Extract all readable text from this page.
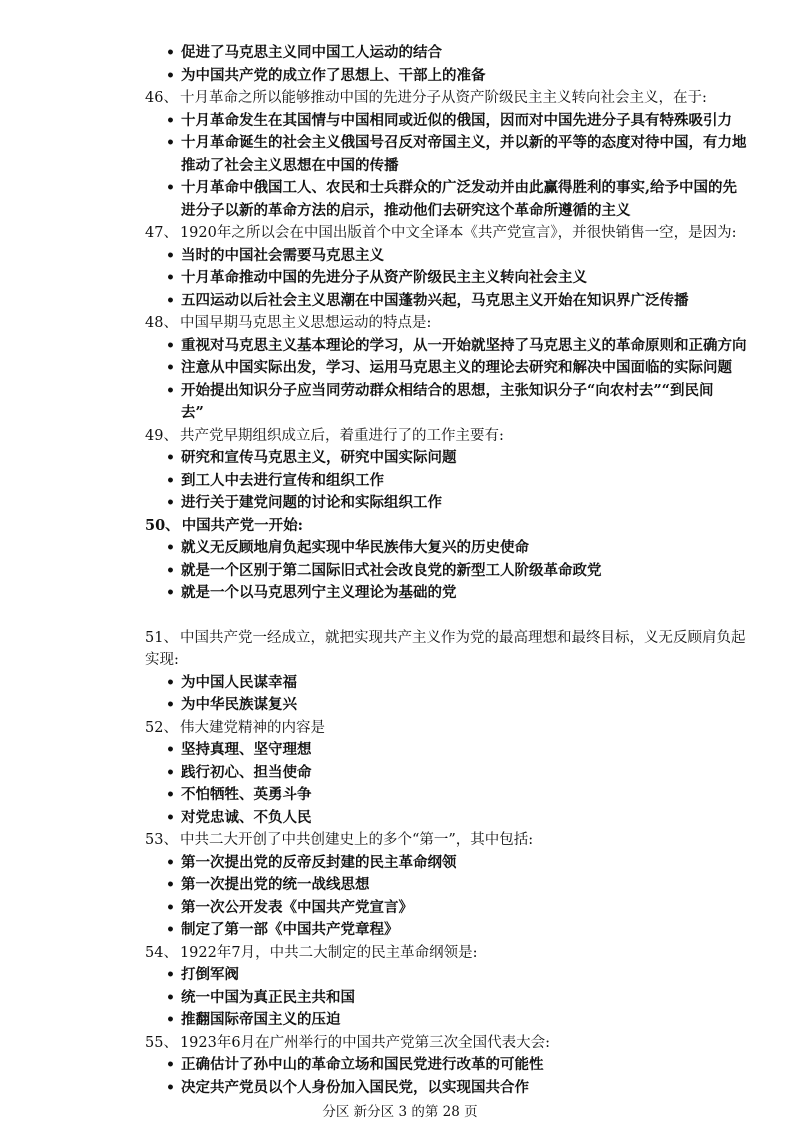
• 促进了马克思主义同中国工人运动的结合
• 为中国共产党的成立作了思想上、干部上的准备
46、 十月革命之所以能够推动中国的先进分子从资产阶级民主主义转向社会主义，在于:
• 十月革命发生在其国情与中国相同或近似的俄国，因而对中国先进分子具有特殊吸引力
• 十月革命诞生的社会主义俄国号召反对帝国主义，并以新的平等的态度对待中国，有力地
推动了社会主义思想在中国的传播
• 十月革命中俄国工人、农民和士兵群众的广泛发动并由此赢得胜利的事实,给予中国的先
进分子以新的革命方法的启示，推动他们去研究这个革命所遵循的主义
47、 1920年之所以会在中国出版首个中文全译本《共产党宣言》，并很快销售一空，是因为:
• 当时的中国社会需要马克思主义
• 十月革命推动中国的先进分子从资产阶级民主主义转向社会主义
• 五四运动以后社会主义思潮在中国蓬勃兴起，马克思主义开始在知识界广泛传播
48、 中国早期马克思主义思想运动的特点是:
• 重视对马克思主义基本理论的学习，从一开始就坚持了马克思主义的革命原则和正确方向
• 注意从中国实际出发，学习、运用马克思主义的理论去研究和解决中国面临的实际问题
• 开始提出知识分子应当同劳动群众相结合的思想，主张知识分子“向农村去”“到民间
去”
49、 共产党早期组织成立后，着重进行了的工作主要有:
• 研究和宣传马克思主义，研究中国实际问题
• 到工人中去进行宣传和组织工作
• 进行关于建党问题的讨论和实际组织工作
50、 中国共产党一开始:
• 就义无反顾地肩负起实现中华民族伟大复兴的历史使命
• 就是一个区别于第二国际旧式社会改良党的新型工人阶级革命政党
• 就是一个以马克思列宁主义理论为基础的党
51、 中国共产党一经成立，就把实现共产主义作为党的最高理想和最终目标，义无反顾肩负起
实现:
• 为中国人民谋幸福
• 为中华民族谋复兴
52、 伟大建党精神的内容是
• 坚持真理、坚守理想
• 践行初心、担当使命
• 不怕牺牲、英勇斗争
• 对党忠诚、不负人民
53、 中共二大开创了中共创建史上的多个“第一”，其中包括:
• 第一次提出党的反帝反封建的民主革命纲领
• 第一次提出党的统一战线思想
• 第一次公开发表《中国共产党宣言》
• 制定了第一部《中国共产党章程》
54、 1922年7月，中共二大制定的民主革命纲领是:
• 打倒军阀
• 统一中国为真正民主共和国
• 推翻国际帝国主义的压迫
55、 1923年6月在广州举行的中国共产党第三次全国代表大会:
• 正确估计了孙中山的革命立场和国民党进行改革的可能性
• 决定共产党员以个人身份加入国民党，以实现国共合作
分区 新分区 3 的第 28 页
